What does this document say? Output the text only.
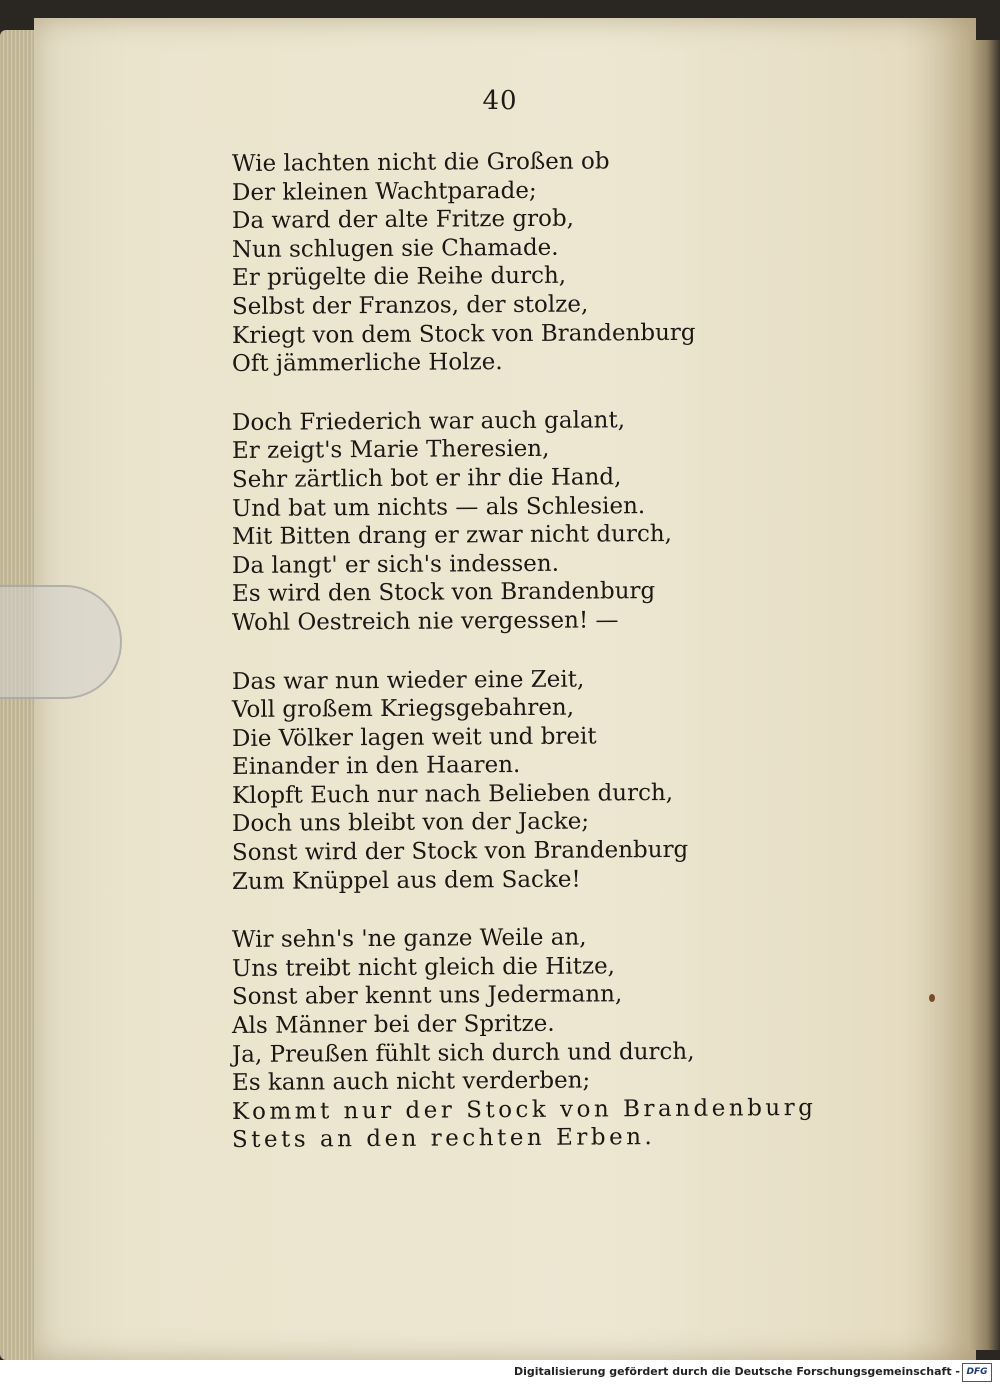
40
Wie lachten nicht die Großen ob
Der kleinen Wachtparade;
Da ward der alte Fritze grob,
Nun schlugen sie Chamade.
Er prügelte die Reihe durch,
Selbst der Franzos, der stolze,
Kriegt von dem Stock von Brandenburg
Oft jämmerliche Holze.
Doch Friederich war auch galant,
Er zeigt's Marie Theresien,
Sehr zärtlich bot er ihr die Hand,
Und bat um nichts — als Schlesien.
Mit Bitten drang er zwar nicht durch,
Da langt' er sich's indessen.
Es wird den Stock von Brandenburg
Wohl Oestreich nie vergessen! —
Das war nun wieder eine Zeit,
Voll großem Kriegsgebahren,
Die Völker lagen weit und breit
Einander in den Haaren.
Klopft Euch nur nach Belieben durch,
Doch uns bleibt von der Jacke;
Sonst wird der Stock von Brandenburg
Zum Knüppel aus dem Sacke!
Wir sehn's 'ne ganze Weile an,
Uns treibt nicht gleich die Hitze,
Sonst aber kennt uns Jedermann,
Als Männer bei der Spritze.
Ja, Preußen fühlt sich durch und durch,
Es kann auch nicht verderben;
Kommt nur der Stock von Brandenburg
Stets an den rechten Erben.
Digitalisierung gefördert durch die Deutsche Forschungsgemeinschaft - DFG
